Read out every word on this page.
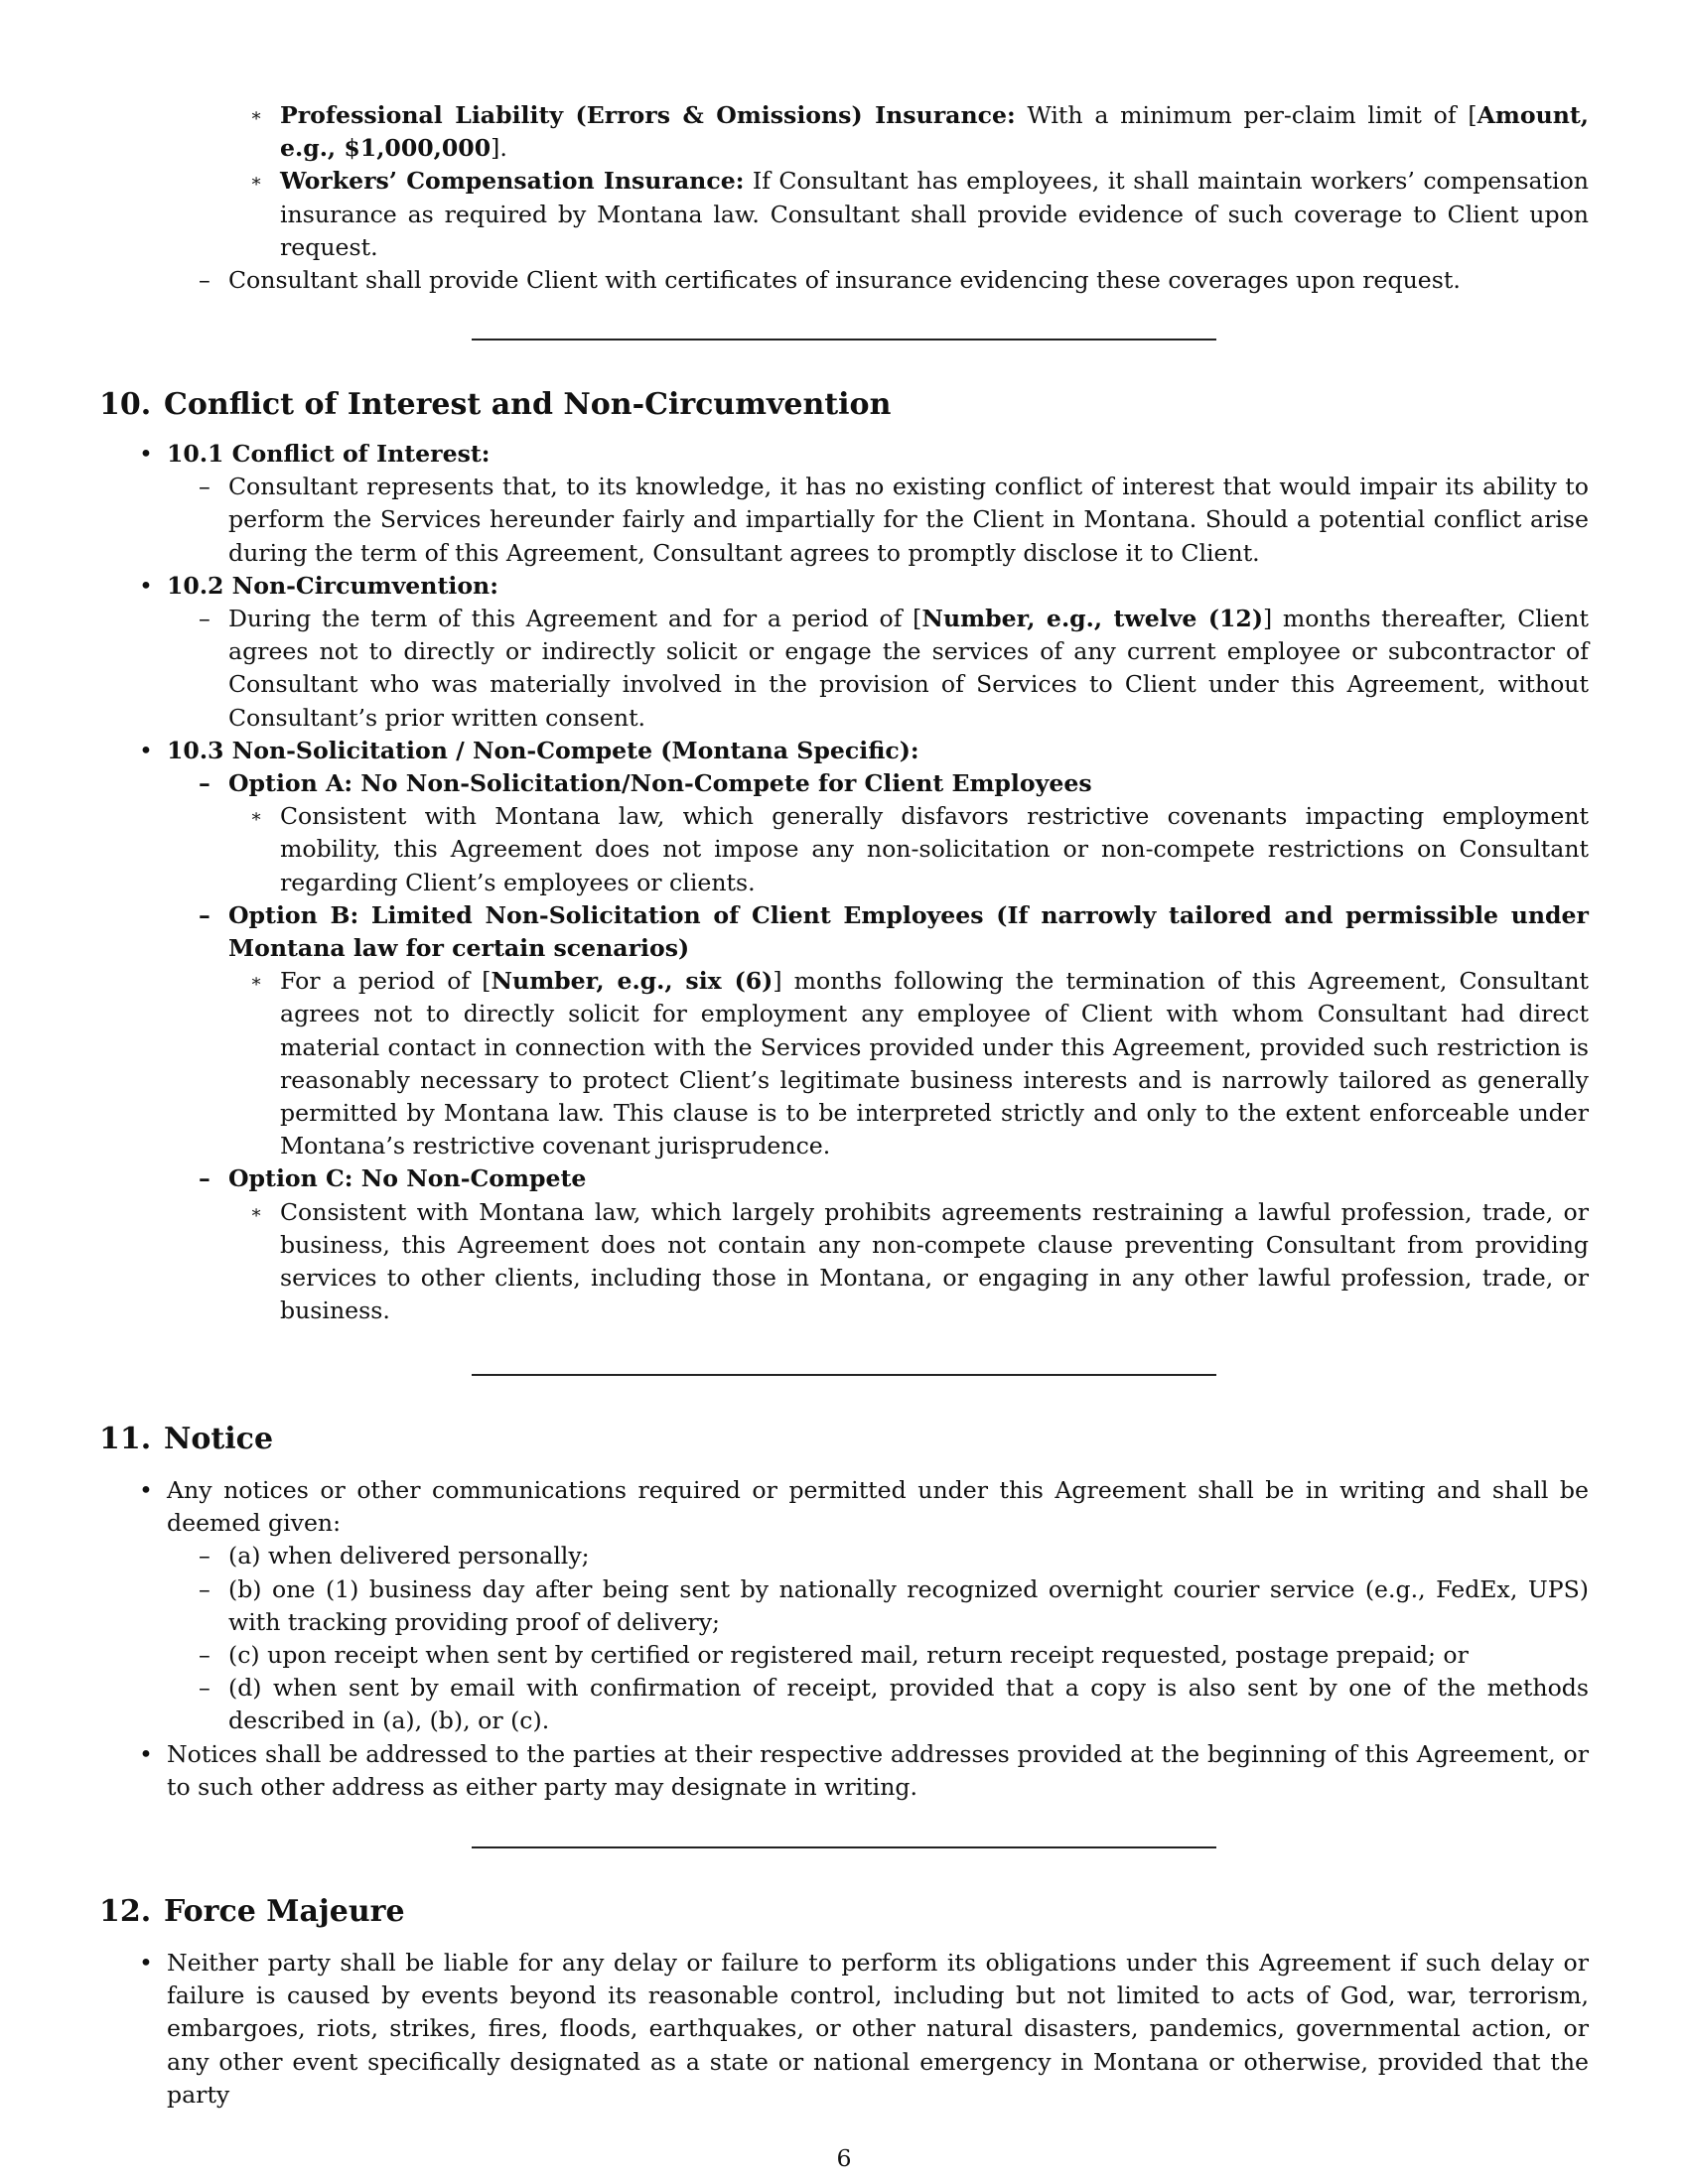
∗ Professional Liability (Errors & Omissions) Insurance: With a minimum per-claim limit of [Amount, e.g., $1,000,000].
∗ Workers’ Compensation Insurance: If Consultant has employees, it shall maintain workers’ compensation insurance as required by Montana law. Consultant shall provide evidence of such coverage to Client upon request.
– Consultant shall provide Client with certificates of insurance evidencing these coverages upon request.
10. Conflict of Interest and Non-Circumvention
• 10.1 Conflict of Interest:
– Consultant represents that, to its knowledge, it has no existing conflict of interest that would impair its ability to perform the Services hereunder fairly and impartially for the Client in Montana. Should a potential conflict arise during the term of this Agreement, Consultant agrees to promptly disclose it to Client.
• 10.2 Non-Circumvention:
– During the term of this Agreement and for a period of [Number, e.g., twelve (12)] months thereafter, Client agrees not to directly or indirectly solicit or engage the services of any current employee or subcontractor of Consultant who was materially involved in the provision of Services to Client under this Agreement, without Consultant’s prior written consent.
• 10.3 Non-Solicitation / Non-Compete (Montana Specific):
– Option A: No Non-Solicitation/Non-Compete for Client Employees
∗ Consistent with Montana law, which generally disfavors restrictive covenants impacting employment mobility, this Agreement does not impose any non-solicitation or non-compete restrictions on Consultant regarding Client’s employees or clients.
– Option B: Limited Non-Solicitation of Client Employees (If narrowly tailored and permissible under Montana law for certain scenarios)
∗ For a period of [Number, e.g., six (6)] months following the termination of this Agreement, Consultant agrees not to directly solicit for employment any employee of Client with whom Consultant had direct material contact in connection with the Services provided under this Agreement, provided such restriction is reasonably necessary to protect Client’s legitimate business interests and is narrowly tailored as generally permitted by Montana law. This clause is to be interpreted strictly and only to the extent enforceable under Montana’s restrictive covenant jurisprudence.
– Option C: No Non-Compete
∗ Consistent with Montana law, which largely prohibits agreements restraining a lawful profession, trade, or business, this Agreement does not contain any non-compete clause preventing Consultant from providing services to other clients, including those in Montana, or engaging in any other lawful profession, trade, or business.
11. Notice
• Any notices or other communications required or permitted under this Agreement shall be in writing and shall be deemed given:
– (a) when delivered personally;
– (b) one (1) business day after being sent by nationally recognized overnight courier service (e.g., FedEx, UPS) with tracking providing proof of delivery;
– (c) upon receipt when sent by certified or registered mail, return receipt requested, postage prepaid; or
– (d) when sent by email with confirmation of receipt, provided that a copy is also sent by one of the methods described in (a), (b), or (c).
• Notices shall be addressed to the parties at their respective addresses provided at the beginning of this Agreement, or to such other address as either party may designate in writing.
12. Force Majeure
• Neither party shall be liable for any delay or failure to perform its obligations under this Agreement if such delay or failure is caused by events beyond its reasonable control, including but not limited to acts of God, war, terrorism, embargoes, riots, strikes, fires, floods, earthquakes, or other natural disasters, pandemics, governmental action, or any other event specifically designated as a state or national emergency in Montana or otherwise, provided that the party
6
